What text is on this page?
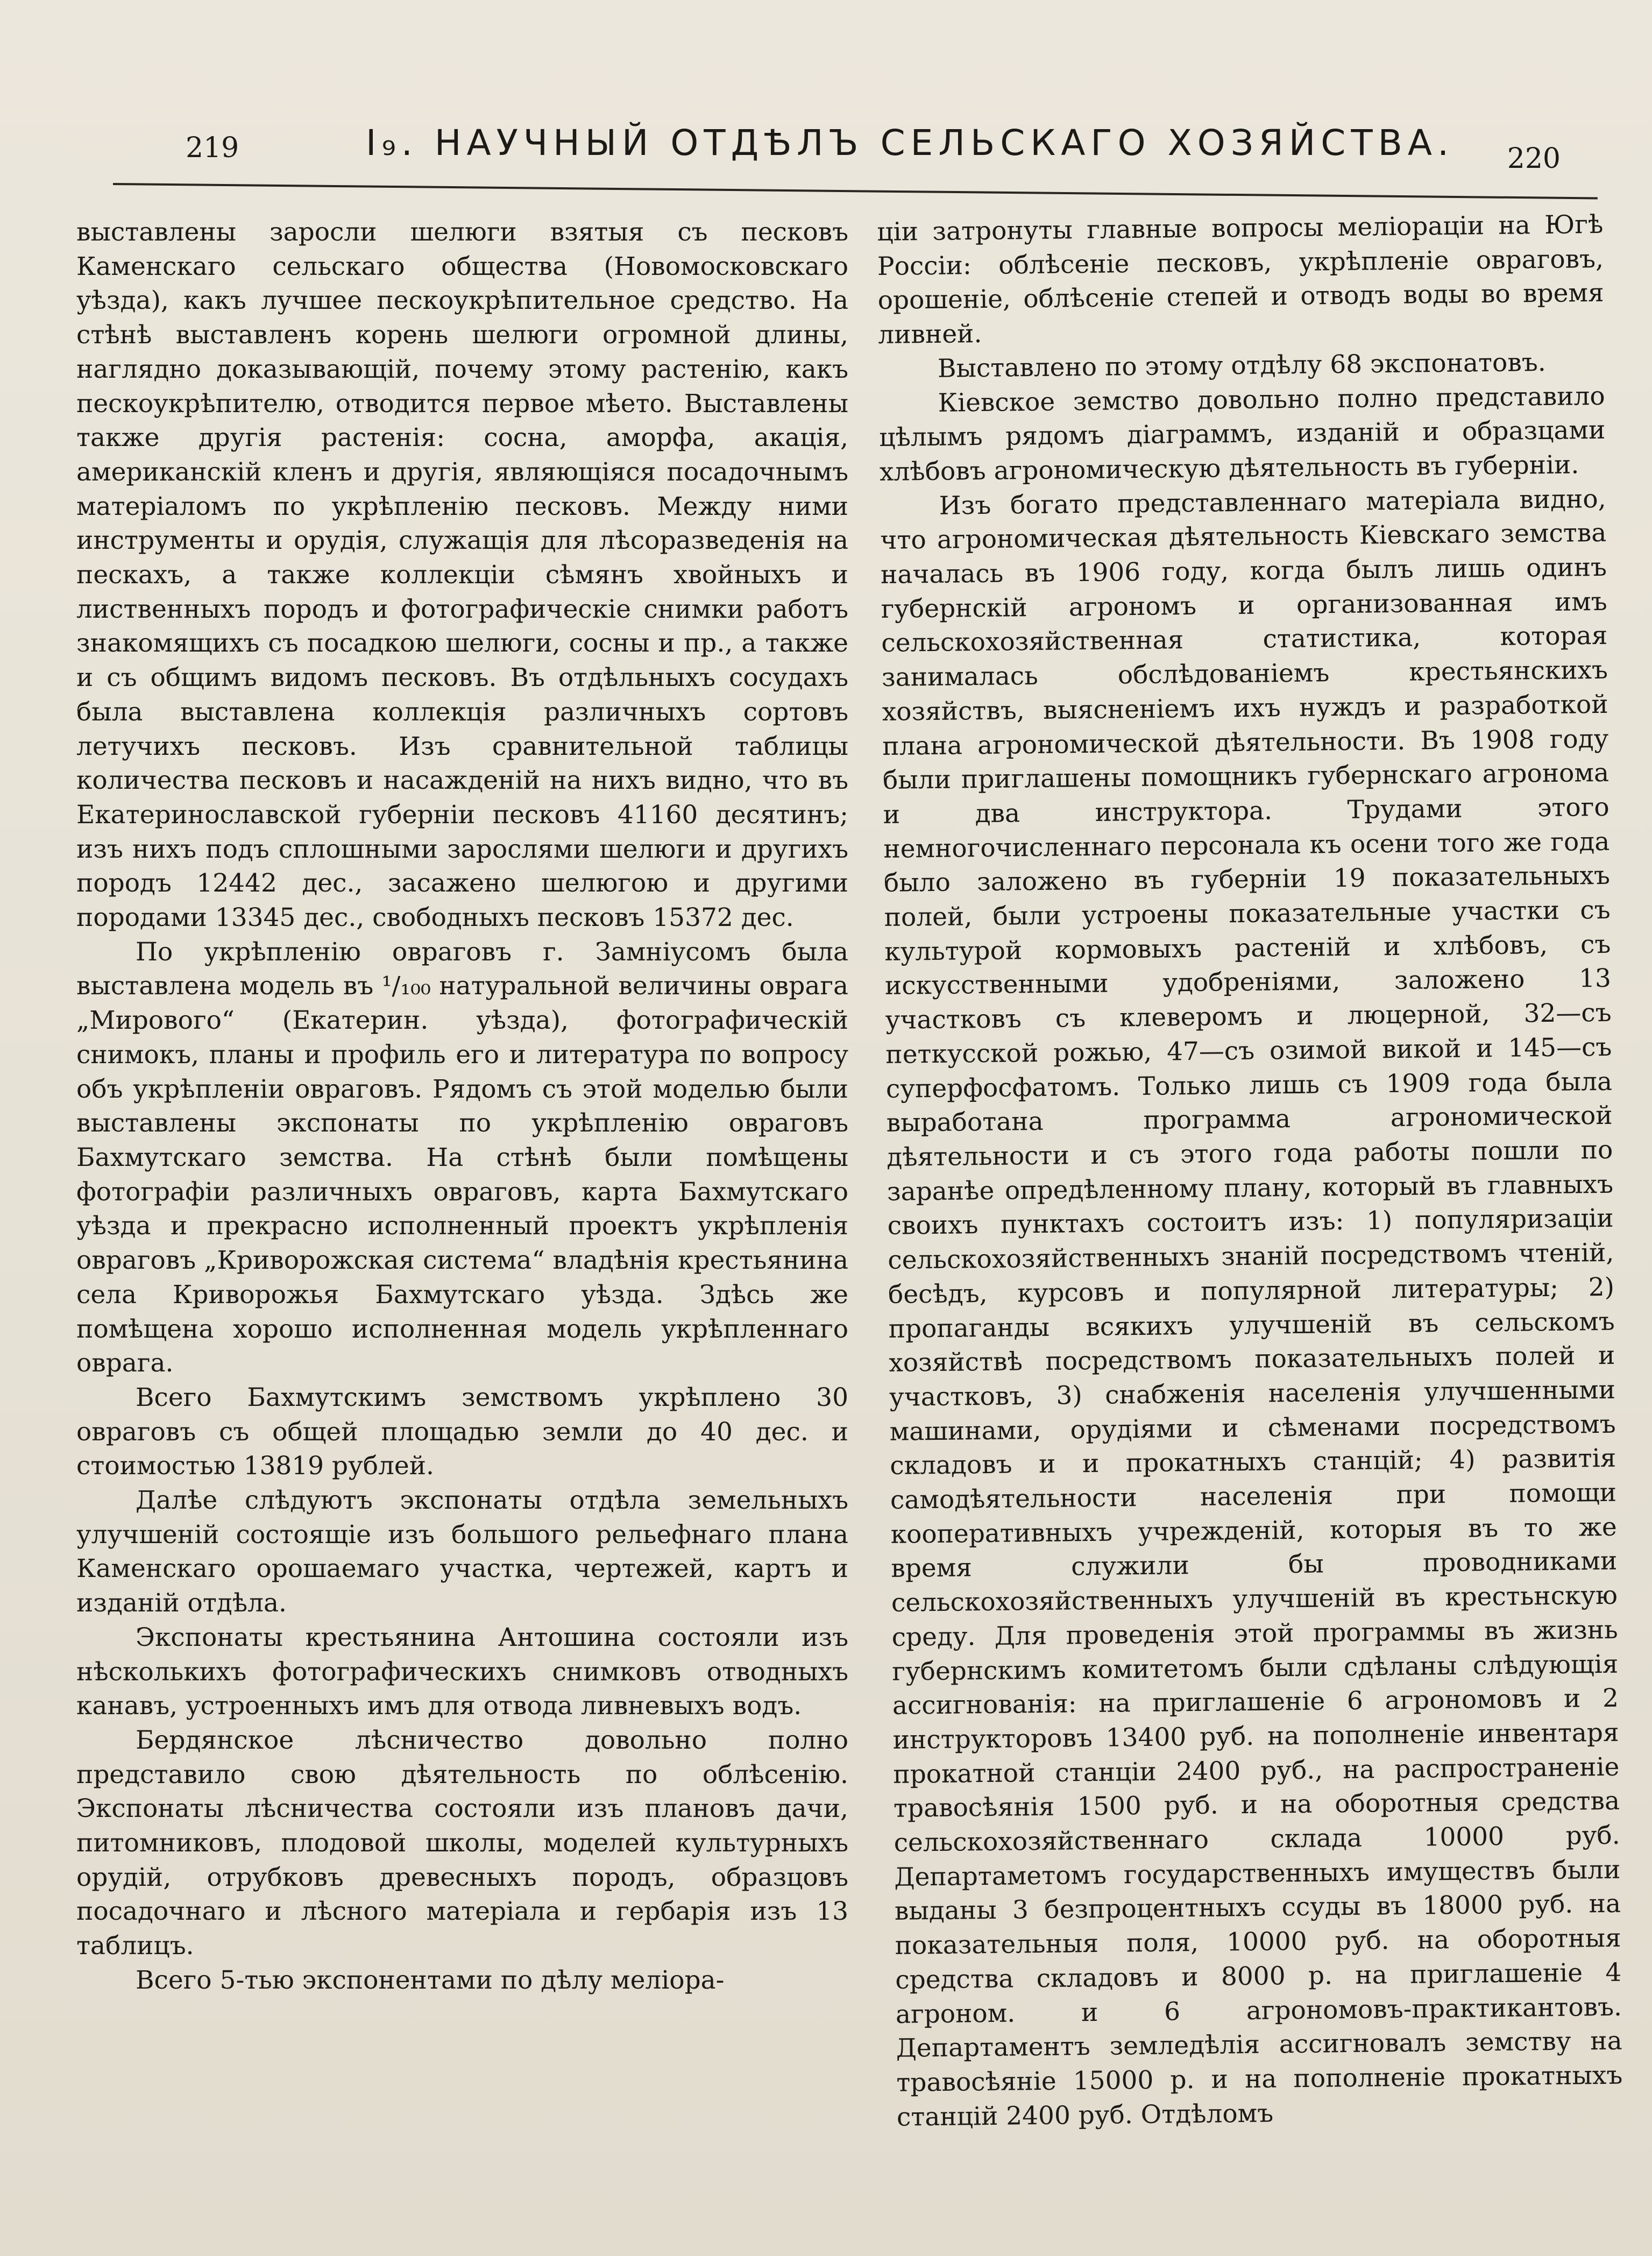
219	I₉. НАУЧНЫЙ ОТДѢЛЪ СЕЛЬСКАГО ХОЗЯЙСТВА. 220

выставлены заросли шелюги взятыя съ песковъ Каменскаго сельскаго общества (Новомосковскаго уѣзда), какъ лучшее пескоукрѣпительное средство. На стѣнѣ выставленъ корень шелюги огромной длины, наглядно доказывающій, почему этому растенію, какъ пескоукрѣпителю, отводится первое мѣето. Выставлены также другія растенія: сосна, аморфа, акація, американскій кленъ и другія, являющіяся посадочнымъ матеріаломъ по укрѣпленію песковъ. Между ними инструменты и орудія, служащія для лѣсоразведенія на пескахъ, а также коллекціи сѣмянъ хвойныхъ и лиственныхъ породъ и фотографическіе снимки работъ знакомящихъ съ посадкою шелюги, сосны и пр., а также и съ общимъ видомъ песковъ. Въ отдѣльныхъ сосудахъ была выставлена коллекція различныхъ сортовъ летучихъ песковъ. Изъ сравнительной таблицы количества песковъ и насажденій на нихъ видно, что въ Екатеринославской губерніи песковъ 41160 десятинъ; изъ нихъ подъ сплошными зарослями шелюги и другихъ породъ 12442 дес., засажено шелюгою и другими породами 13345 дес., свободныхъ песковъ 15372 дес.

По укрѣпленію овраговъ г. Замніусомъ была выставлена модель въ ¹/₁₀₀ натуральной величины оврага „Мирового“ (Екатерин. уѣзда), фотографическій снимокъ, планы и профиль его и литература по вопросу объ укрѣпленіи овраговъ. Рядомъ съ этой моделью были выставлены экспонаты по укрѣпленію овраговъ Бахмутскаго земства. На стѣнѣ были помѣщены фотографіи различныхъ овраговъ, карта Бахмутскаго уѣзда и прекрасно исполненный проектъ укрѣпленія овраговъ „Криворожская система“ владѣнія крестьянина села Криворожья Бахмутскаго уѣзда. Здѣсь же помѣщена хорошо исполненная модель укрѣпленнаго оврага.

Всего Бахмутскимъ земствомъ укрѣплено 30 овраговъ съ общей площадью земли до 40 дес. и стоимостью 13819 рублей.

Далѣе слѣдуютъ экспонаты отдѣла земельныхъ улучшеній состоящіе изъ большого рельефнаго плана Каменскаго орошаемаго участка, чертежей, картъ и изданій отдѣла.

Экспонаты крестьянина Антошина состояли изъ нѣсколькихъ фотографическихъ снимковъ отводныхъ канавъ, устроенныхъ имъ для отвода ливневыхъ водъ.

Бердянское лѣсничество довольно полно представило свою дѣятельность по облѣсенію. Экспонаты лѣсничества состояли изъ плановъ дачи, питомниковъ, плодовой школы, моделей культурныхъ орудій, отрубковъ древесныхъ породъ, образцовъ посадочнаго и лѣсного матеріала и гербарія изъ 13 таблицъ.

Всего 5-тью экспонентами по дѣлу меліора-

ціи затронуты главные вопросы меліораціи на Югѣ Россіи: облѣсеніе песковъ, укрѣпленіе овраговъ, орошеніе, облѣсеніе степей и отводъ воды во время ливней.

Выставлено по этому отдѣлу 68 экспонатовъ.

Кіевское земство довольно полно представило цѣлымъ рядомъ діаграммъ, изданій и образцами хлѣбовъ агрономическую дѣятельность въ губерніи.

Изъ богато представленнаго матеріала видно, что агрономическая дѣятельность Кіевскаго земства началась въ 1906 году, когда былъ лишь одинъ губернскій агрономъ и организованная имъ сельскохозяйственная статистика, которая занималась обслѣдованіемъ крестьянскихъ хозяйствъ, выясненіемъ ихъ нуждъ и разработкой плана агрономической дѣятельности. Въ 1908 году были приглашены помощникъ губернскаго агронома и два инструктора. Трудами этого немногочисленнаго персонала къ осени того же года было заложено въ губерніи 19 показательныхъ полей, были устроены показательные участки съ культурой кормовыхъ растеній и хлѣбовъ, съ искусственными удобреніями, заложено 13 участковъ съ клеверомъ и люцерной, 32—съ петкусской рожью, 47—съ озимой викой и 145—съ суперфосфатомъ. Только лишь съ 1909 года была выработана программа агрономической дѣятельности и съ этого года работы пошли по заранѣе опредѣленному плану, который въ главныхъ своихъ пунктахъ состоитъ изъ: 1) популяризаціи сельскохозяйственныхъ знаній посредствомъ чтеній, бесѣдъ, курсовъ и популярной литературы; 2) пропаганды всякихъ улучшеній въ сельскомъ хозяйствѣ посредствомъ показательныхъ полей и участковъ, 3) снабженія населенія улучшенными машинами, орудіями и сѣменами посредствомъ складовъ и и прокатныхъ станцій; 4) развитія самодѣятельности населенія при помощи кооперативныхъ учрежденій, которыя въ то же время служили бы проводниками сельскохозяйственныхъ улучшеній въ крестьнскую среду. Для проведенія этой программы въ жизнь губернскимъ комитетомъ были сдѣланы слѣдующія ассигнованія: на приглашеніе 6 агрономовъ и 2 инструкторовъ 13400 руб. на пополненіе инвентаря прокатной станціи 2400 руб., на распространеніе травосѣянія 1500 руб. и на оборотныя средства сельскохозяйственнаго склада 10000 руб. Департаметомъ государственныхъ имуществъ были выданы 3 безпроцентныхъ ссуды въ 18000 руб. на показательныя поля, 10000 руб. на оборотныя средства складовъ и 8000 р. на приглашеніе 4 агроном. и 6 агрономовъ-практикантовъ. Департаментъ земледѣлія ассигновалъ земству на травосѣяніе 15000 р. и на пополненіе прокатныхъ станцій 2400 руб. Отдѣломъ
